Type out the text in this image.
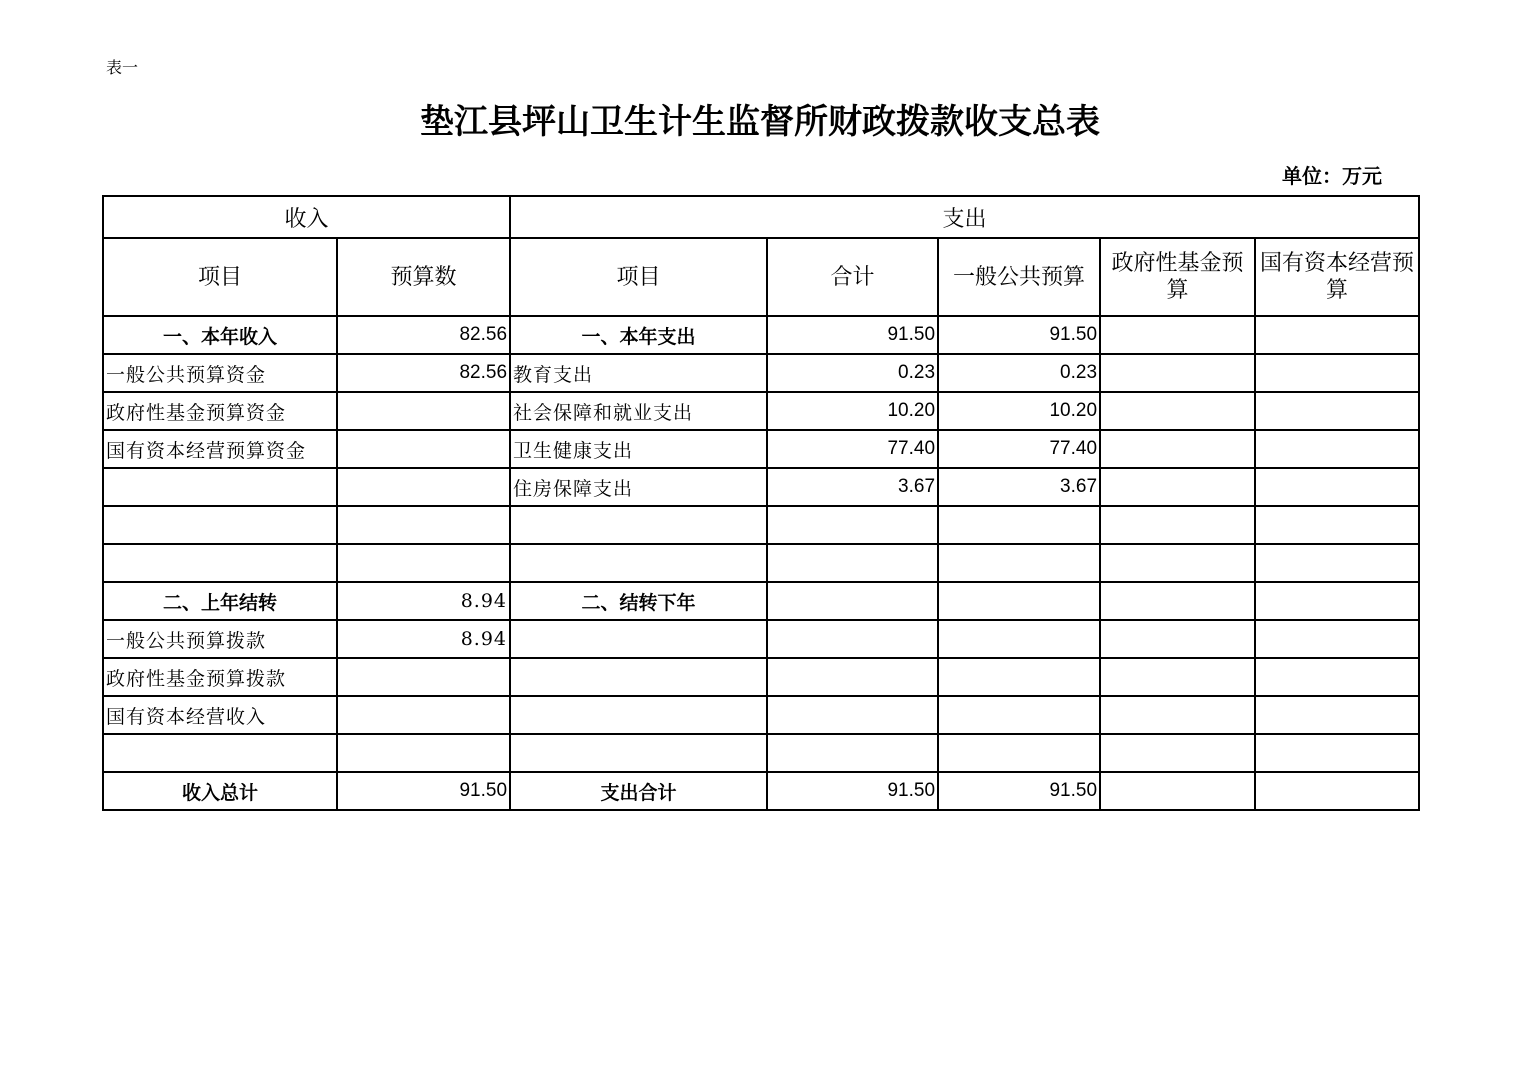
表一
垫江县坪山卫生计生监督所财政拨款收支总表
单位：万元
收入		支出				
项目	预算数	项目	合计	一般公共预算	政府性基金预算	国有资本经营预算
一、本年收入	82.56	一、本年支出	91.50	91.50		
一般公共预算资金	82.56	教育支出	0.23	0.23		
政府性基金预算资金		社会保障和就业支出	10.20	10.20		
国有资本经营预算资金		卫生健康支出	77.40	77.40		
		住房保障支出	3.67	3.67		

二、上年结转	8.94	二、结转下年				
一般公共预算拨款	8.94					
政府性基金预算拨款						
国有资本经营收入						

收入总计	91.50	支出合计	91.50	91.50		
